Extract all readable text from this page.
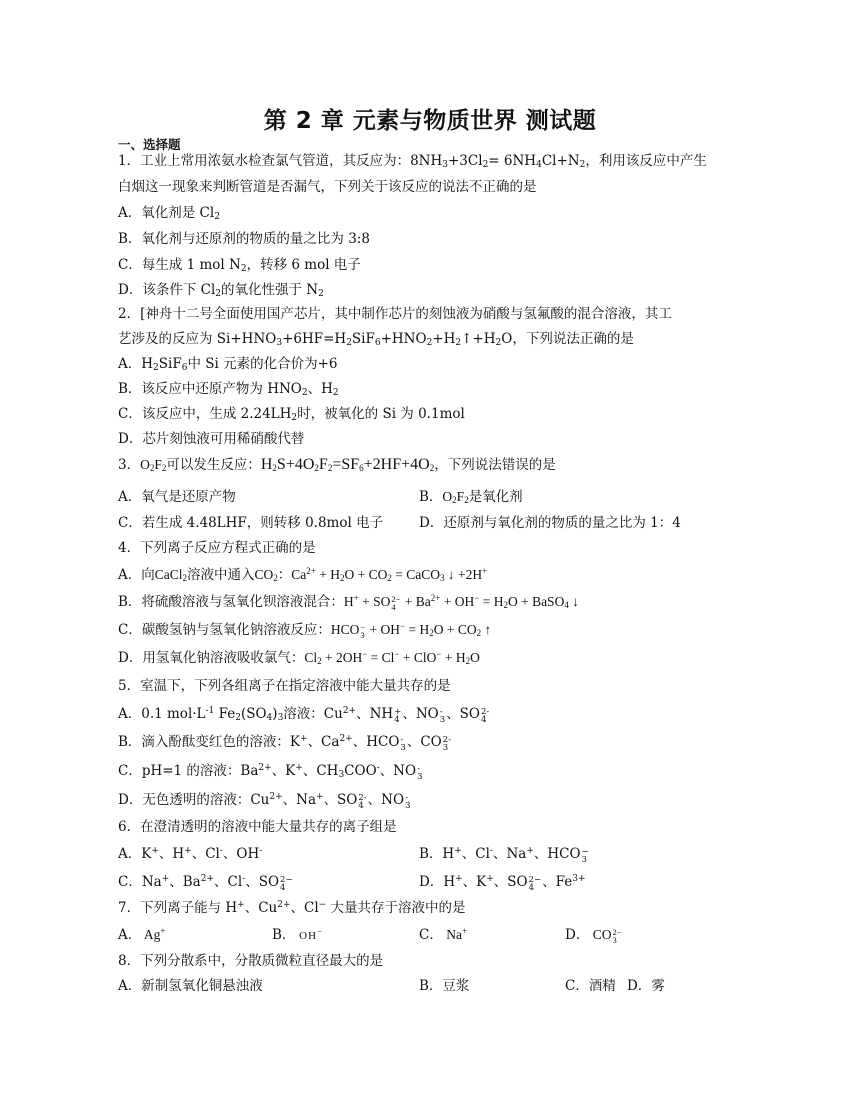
第 2 章 元素与物质世界 测试题
一、选择题
1．工业上常用浓氨水检查氯气管道，其反应为：$8NH_3+3Cl_2= 6NH_4Cl+N_2$，利用该反应中产生
白烟这一现象来判断管道是否漏气，下列关于该反应的说法不正确的是
A．氧化剂是 $Cl_2$
B．氧化剂与还原剂的物质的量之比为 3:8
C．每生成 1 mol $N_2$，转移 6 mol 电子
D．该条件下 $Cl_2$的氧化性强于 $N_2$
2．[神舟十二号全面使用国产芯片，其中制作芯片的刻蚀液为硝酸与氢氟酸的混合溶液，其工
艺涉及的反应为 $Si+HNO_3+6HF=H_2SiF_6+HNO_2+H_2↑+H_2O$，下列说法正确的是
A．$H_2SiF_6$中 Si 元素的化合价为+6
B．该反应中还原产物为 $HNO_2$、$H_2$
C．该反应中，生成 $2.24LH_2$时，被氧化的 Si 为 0.1mol
D．芯片刻蚀液可用稀硝酸代替
3．$O_2F_2$可以发生反应：$H_2S+4O_2F_2=SF_6+2HF+4O_2$，下列说法错误的是
A．氧气是还原产物	B．$O_2F_2$是氧化剂
C．若生成 4.48LHF，则转移 0.8mol 电子	D．还原剂与氧化剂的物质的量之比为 1：4
4．下列离子反应方程式正确的是
A．向CaCl$_2$溶液中通入$CO_2$：$Ca^{2+} + H_2O + CO_2$ = CaCO$_3$ ↓ +2H+
B．将硫酸溶液与氢氧化钡溶液混合：H+ + SO 2−
$4 + Ba^{2+} + OH^- = H_2O$ + BaSO$_4$ ↓
C．碳酸氢钠与氢氧化钠溶液反应：HCO −
$3 + OH^- = H_2O + CO_2$ ↑
D．用氢氧化钠溶液吸收氯气：$Cl_2 + 2OH^- = Cl^- + ClO^- + H_2O$
5．室温下，下列各组离子在指定溶液中能大量共存的是
A．0.1 $mol\cdot L^{-1}$ $Fe_2(SO_4)_3$溶液：$Cu^{2+}$、NH +
4 、NO -
3 、SO 2-
4
B．滴入酚酞变红色的溶液：K+、$Ca^{2+}$、HCO -
3 、CO 2-
3
C．pH=1 的溶液：$Ba^{2+}$、K+、$CH_3COO^-$、NO -
3
D．无色透明的溶液：$Cu^{2+}$、Na+、SO 2-
4 、NO -
3
6．在澄清透明的溶液中能大量共存的离子组是
A．K+、H+、Cl-、OH-	B．H+、Cl-、Na+、HCO −
3
C．Na+、$Ba^{2+}$、Cl-、SO 2−
4	D．H+、K+、SO 2−
4 、$Fe^{3+}$
7．下列离子能与 H+、$Cu^{2+}$、Cl− 大量共存于溶液中的是
A． Ag+	B． OH−	C． Na+	D． CO 2−
3
8．下列分散系中，分散质微粒直径最大的是
A．新制氢氧化铜悬浊液	B．豆浆	C．酒精 D．雾
